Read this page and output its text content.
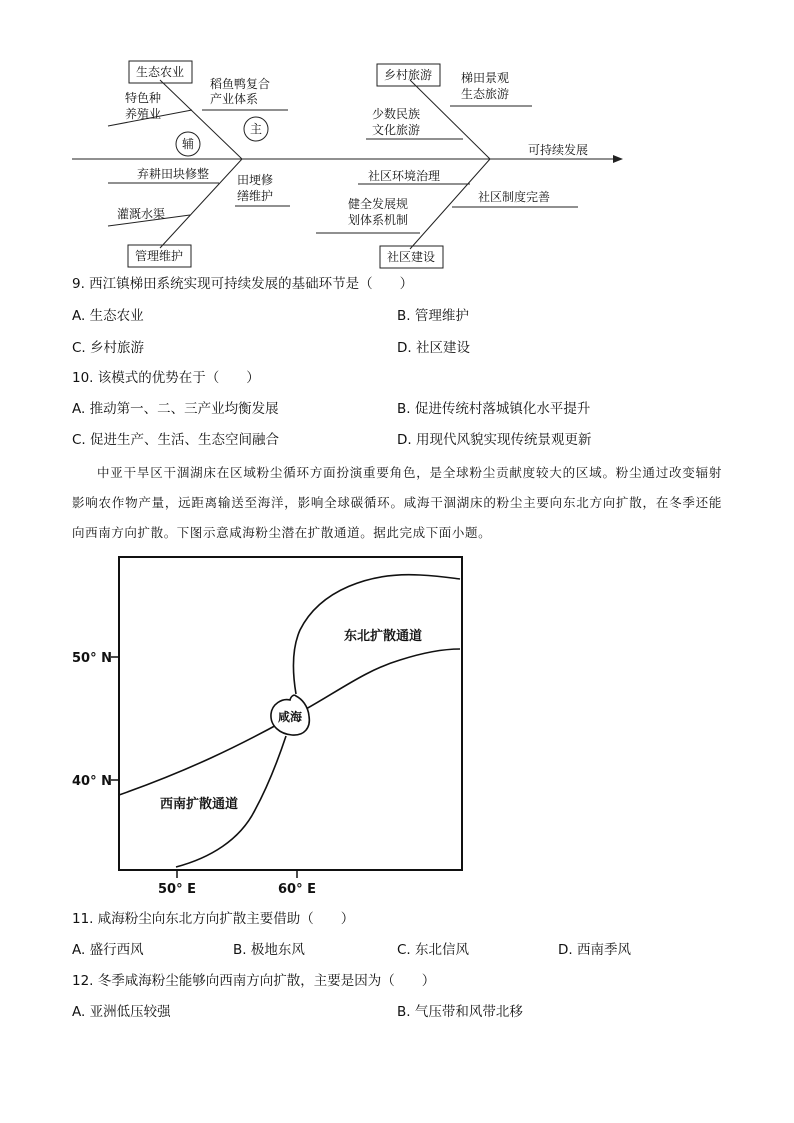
生态农业	乡村旅游
管理维护	社区建设
稻鱼鸭复合
产业体系
特色种
养殖业
辅
主
弃耕田块修整 田埂修
缮维护
灌溉水渠
梯田景观
生态旅游
少数民族
文化旅游
可持续发展
社区环境治理
健全发展规
划体系机制
社区制度完善
9. 西江镇梯田系统实现可持续发展的基础环节是（　　）
A. 生态农业	B. 管理维护
C. 乡村旅游	D. 社区建设
10. 该模式的优势在于（　　）
A. 推动第一、二、三产业均衡发展	B. 促进传统村落城镇化水平提升
C. 促进生产、生活、生态空间融合	D. 用现代风貌实现传统景观更新
中亚干旱区干涸湖床在区域粉尘循环方面扮演重要角色，是全球粉尘贡献度较大的区域。粉尘通过改变辐射影响农作物产量，远距离输送至海洋，影响全球碳循环。咸海干涸湖床的粉尘主要向东北方向扩散，在冬季还能向西南方向扩散。下图示意咸海粉尘潜在扩散通道。据此完成下面小题。
50° N
40° N
50° E	60° E
东北扩散通道
西南扩散通道
咸海
11. 咸海粉尘向东北方向扩散主要借助（　　）
A. 盛行西风	B. 极地东风	C. 东北信风	D. 西南季风
12. 冬季咸海粉尘能够向西南方向扩散，主要是因为（　　）
A. 亚洲低压较强	B. 气压带和风带北移
